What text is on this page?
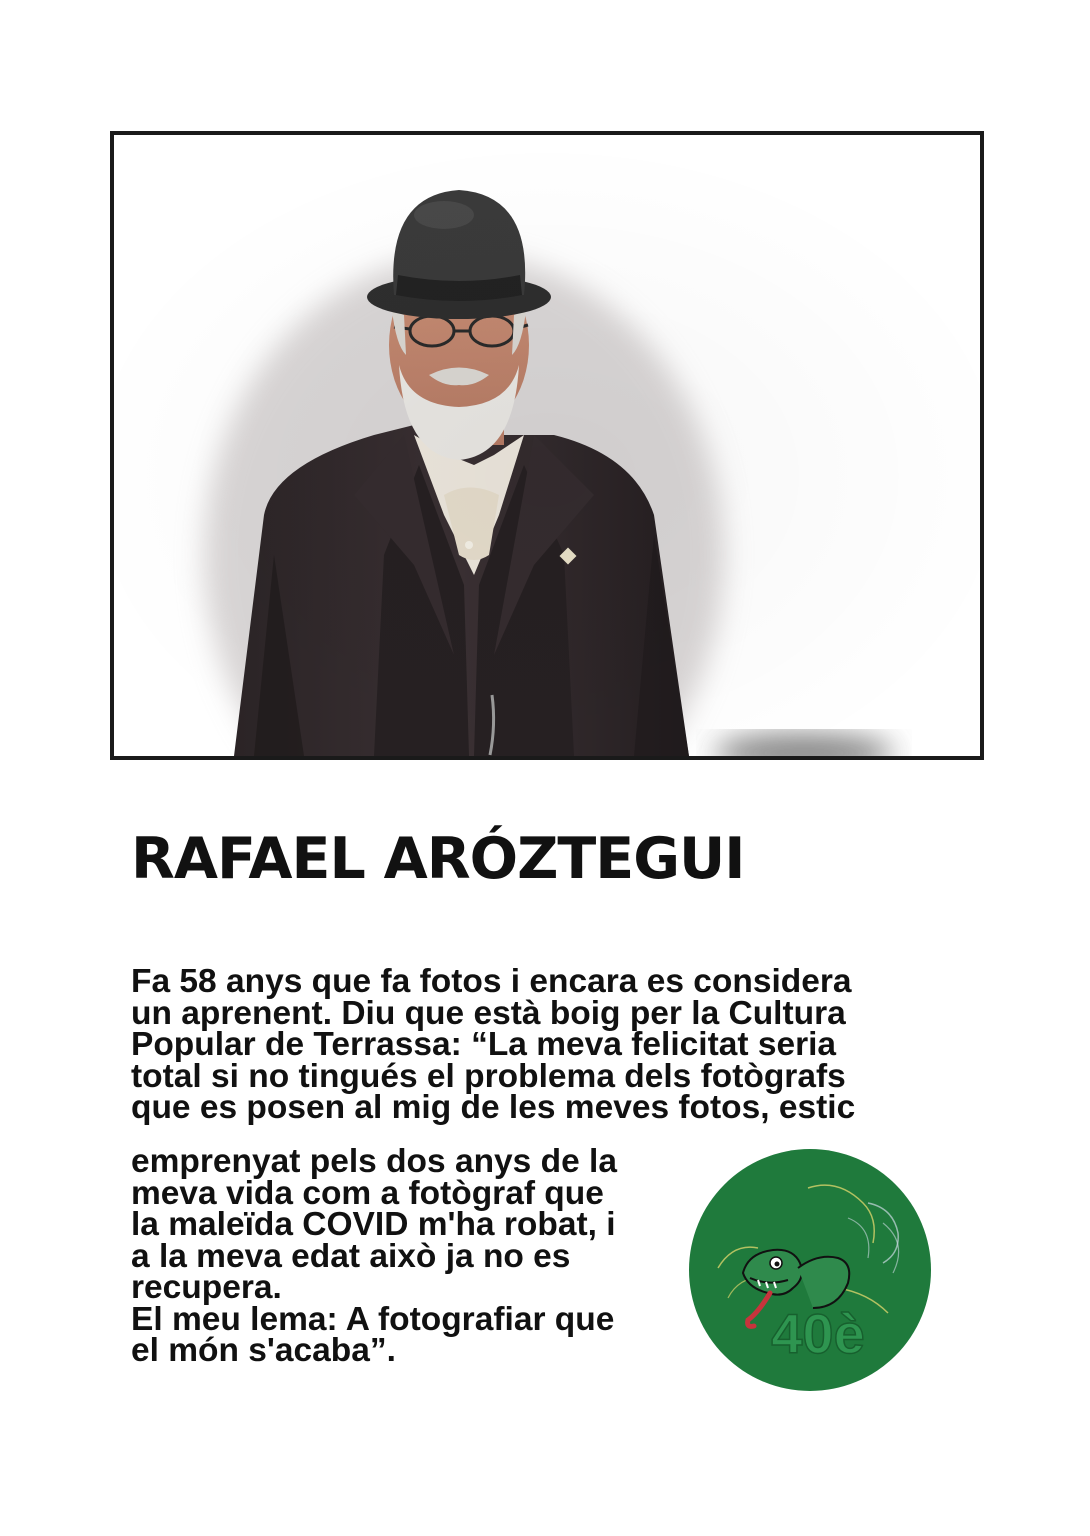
RAFAEL ARÓZTEGUI
Fa 58 anys que fa fotos i encara es considera
un aprenent. Diu que està boig per la Cultura
Popular de Terrassa: “La meva felicitat seria
total si no tingués el problema dels fotògrafs
que es posen al mig de les meves fotos, estic
emprenyat pels dos anys de la
meva vida com a fotògraf que
la maleïda COVID m'ha robat, i
a la meva edat això ja no es
recupera.
El meu lema: A fotografiar que
el món s'acaba”.	40è
